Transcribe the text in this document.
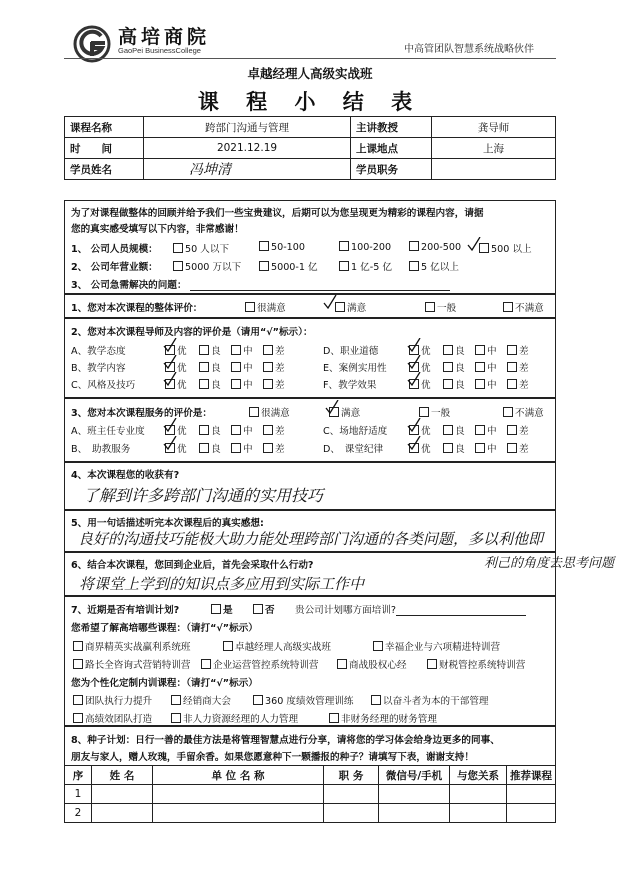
高培商院
GaoPei BusinessCollege	中高管团队智慧系统战略伙伴
卓越经理人高级实战班
课 程 小 结 表
课程名称	跨部门沟通与管理	主讲教授	龚导师
时　　间	2021.12.19	上课地点	上海
学员姓名	冯坤清	学员职务	
为了对课程做整体的回顾并给予我们一些宝贵建议，后期可以为您呈现更为精彩的课程内容，请据
您的真实感受填写以下内容，非常感谢！
1、 公司人员规模：	50 人以下	50-100	100-200	200-500	500 以上
2、 公司年营业额：	5000 万以下	5000-1 亿	1 亿-5 亿	5 亿以上
3、 公司急需解决的问题：
1、您对本次课程的整体评价：	很满意	满意	一般	不满意
2、您对本次课程导师及内容的评价是（请用“√”标示）：
A、教学态度	优	良	中	差	D、职业道德	优	良	中	差
B、教学内容	优	良	中	差	E、案例实用性	优	良	中	差
C、风格及技巧	优	良	中	差	F、教学效果	优	良	中	差
3、您对本次课程服务的评价是：	很满意	满意	一般	不满意
A、班主任专业度	优	良	中	差	C、场地舒适度	优	良	中	差
B、　助教服务	优	良	中	差	D、　课堂纪律	优	良	中	差
4、本次课程您的收获有?
了解到许多跨部门沟通的实用技巧
5、用一句话描述听完本次课程后的真实感想:
良好的沟通技巧能极大助力能处理跨部门沟通的各类问题，多以利他即
利己的角度去思考问题
6、结合本次课程，您回到企业后，首先会采取什么行动?
将课堂上学到的知识点多应用到实际工作中
7、近期是否有培训计划?	是	否 贵公司计划哪方面培训?
您希望了解高培哪些课程：（请打“√”标示）
商界精英实战赢利系统班	卓越经理人高级实战班	幸福企业与六项精进特训营
路长全咨询式营销特训营	企业运营管控系统特训营	商战股权心经	财税管控系统特训营
您为个性化定制内训课程：（请打“√”标示）
团队执行力提升	经销商大会	360 度绩效管理训练	以奋斗者为本的干部管理
高绩效团队打造	非人力资源经理的人力管理	非财务经理的财务管理
8、种子计划：日行一善的最佳方法是将管理智慧点进行分享，请将您的学习体会给身边更多的同事、
朋友与家人，赠人玫瑰，手留余香。如果您愿意种下一颗播报的种子？请填写下表，谢谢支持！
序	姓 名	单 位 名 称	职 务	微信号/手机	与您关系	推荐课程
1						
2						
